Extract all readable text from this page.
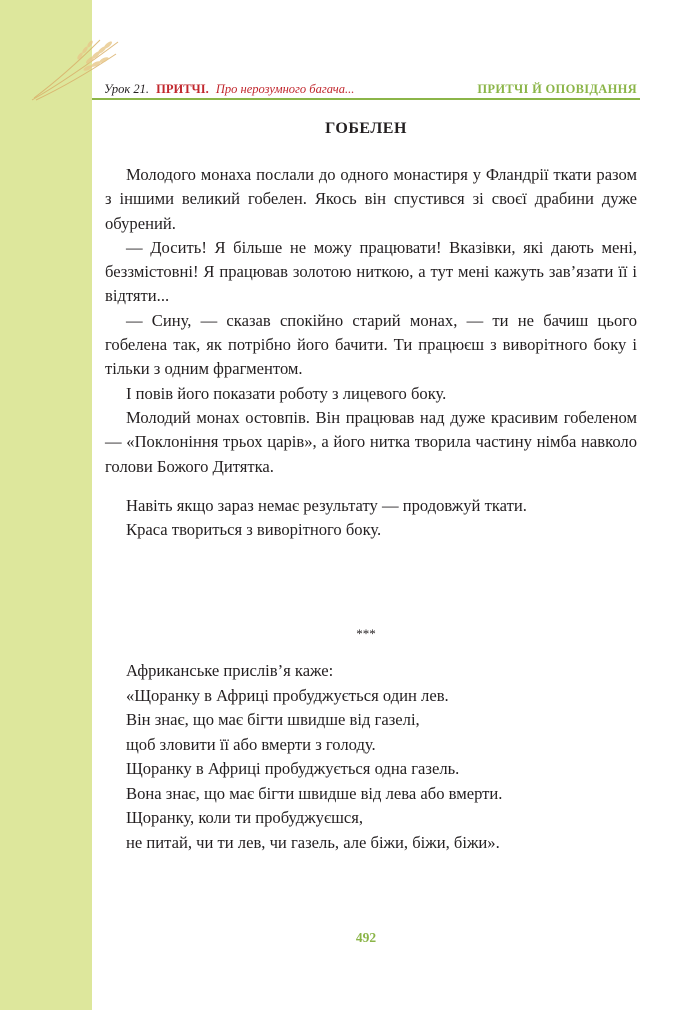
Урок 21. ПРИТЧІ. Про нерозумного багача...	ПРИТЧІ Й ОПОВІДАННЯ
ГОБЕЛЕН

Молодого монаха послали до одного монастиря у Фландрії ткати разом з іншими великий гобелен. Якось він спустився зі своєї драбини дуже обурений.

— Досить! Я більше не можу працювати! Вказівки, які дають мені, беззмістовні! Я працював золотою ниткою, а тут мені кажуть зав’язати її і відтяти...

— Сину, — сказав спокійно старий монах, — ти не бачиш цього гобелена так, як потрібно його бачити. Ти працюєш з виворітного боку і тільки з одним фрагментом.

І повів його показати роботу з лицевого боку.

Молодий монах остовпів. Він працював над дуже красивим гобеленом — «Поклоніння трьох царів», а його нитка творила частину німба навколо голови Божого Дитятка.

Навіть якщо зараз немає результату — продовжуй ткати.

Краса твориться з виворітного боку.

***
Африканське прислів’я каже:
«Щоранку в Африці пробуджується один лев.
Він знає, що має бігти швидше від газелі,
щоб зловити її або вмерти з голоду.
Щоранку в Африці пробуджується одна газель.
Вона знає, що має бігти швидше від лева або вмерти.
Щоранку, коли ти пробуджуєшся,
не питай, чи ти лев, чи газель, але біжи, біжи, біжи».
492
